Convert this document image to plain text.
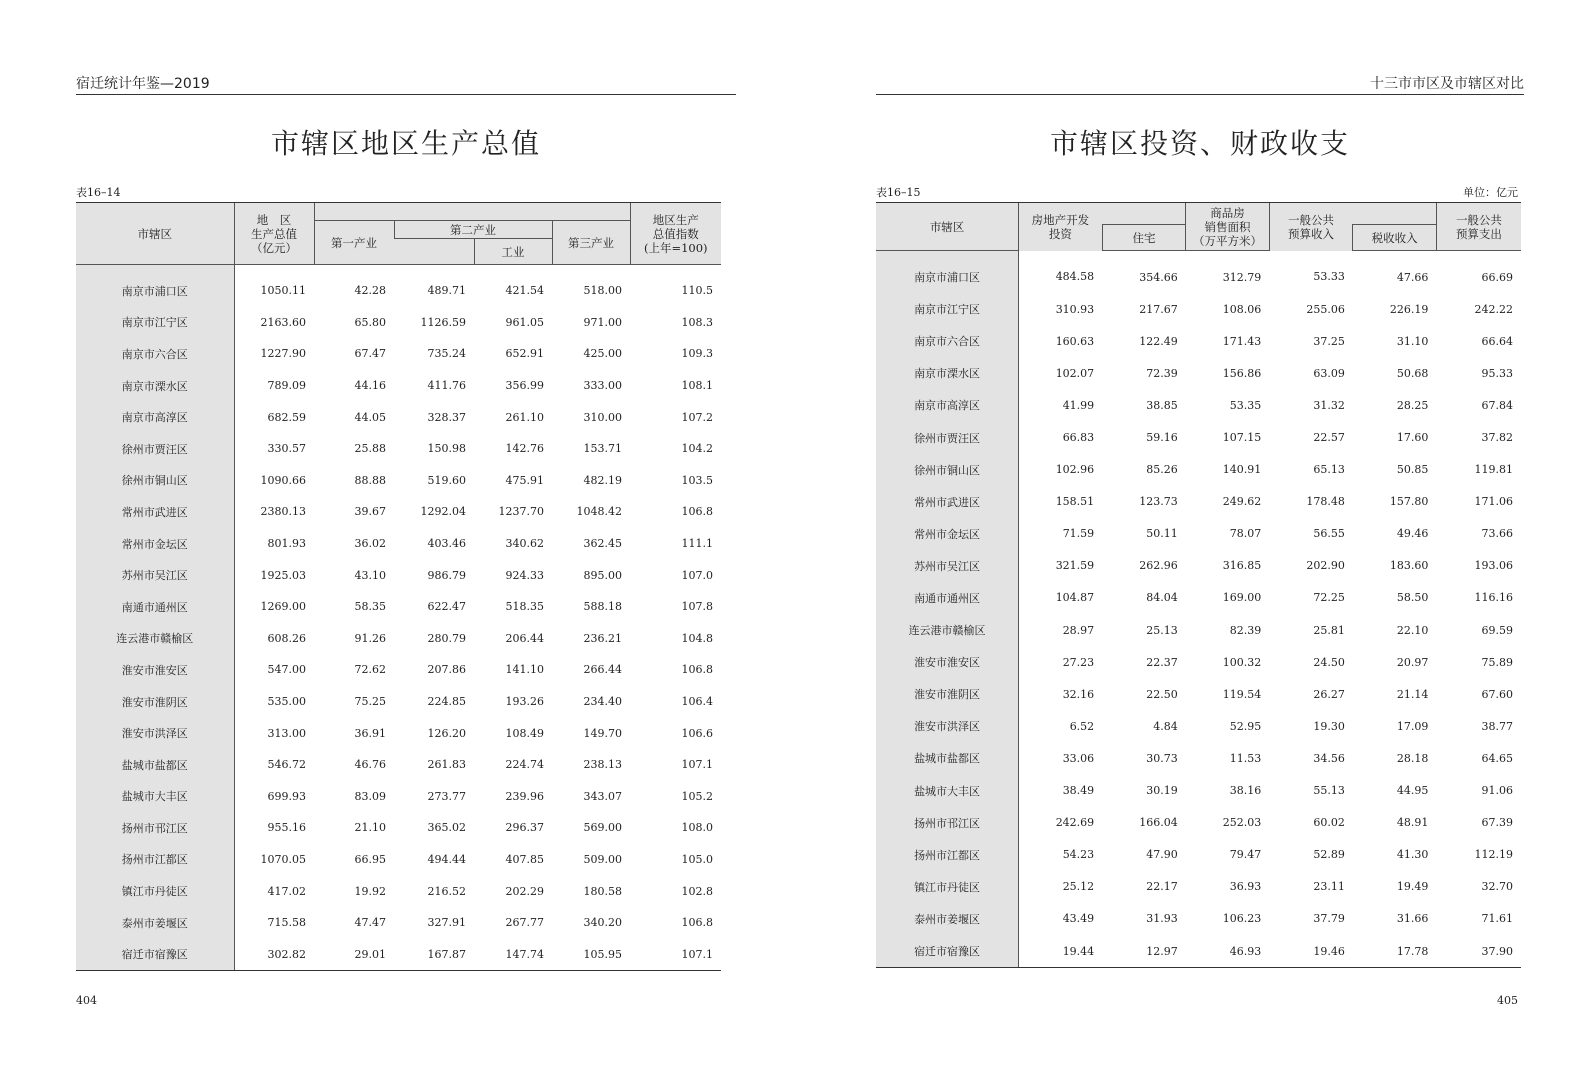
宿迁统计年鉴—2019
市辖区地区生产总值
表16–14
市辖区	地　区
生产总值
（亿元）					地区生产
总值指数
(上年=100)
		第一产业	第二产业		第三产业	
				工业		
南京市浦口区	1050.11	42.28	489.71	421.54	518.00	110.5
南京市江宁区	2163.60	65.80	1126.59	961.05	971.00	108.3
南京市六合区	1227.90	67.47	735.24	652.91	425.00	109.3
南京市溧水区	789.09	44.16	411.76	356.99	333.00	108.1
南京市高淳区	682.59	44.05	328.37	261.10	310.00	107.2
徐州市贾汪区	330.57	25.88	150.98	142.76	153.71	104.2
徐州市铜山区	1090.66	88.88	519.60	475.91	482.19	103.5
常州市武进区	2380.13	39.67	1292.04	1237.70	1048.42	106.8
常州市金坛区	801.93	36.02	403.46	340.62	362.45	111.1
苏州市吴江区	1925.03	43.10	986.79	924.33	895.00	107.0
南通市通州区	1269.00	58.35	622.47	518.35	588.18	107.8
连云港市赣榆区	608.26	91.26	280.79	206.44	236.21	104.8
淮安市淮安区	547.00	72.62	207.86	141.10	266.44	106.8
淮安市淮阴区	535.00	75.25	224.85	193.26	234.40	106.4
淮安市洪泽区	313.00	36.91	126.20	108.49	149.70	106.6
盐城市盐都区	546.72	46.76	261.83	224.74	238.13	107.1
盐城市大丰区	699.93	83.09	273.77	239.96	343.07	105.2
扬州市邗江区	955.16	21.10	365.02	296.37	569.00	108.0
扬州市江都区	1070.05	66.95	494.44	407.85	509.00	105.0
镇江市丹徒区	417.02	19.92	216.52	202.29	180.58	102.8
泰州市姜堰区	715.58	47.47	327.91	267.77	340.20	106.8
宿迁市宿豫区	302.82	29.01	167.87	147.74	105.95	107.1
404
十三市市区及市辖区对比
市辖区投资、财政收支
表16–15	单位：亿元
市辖区	房地产开发
投资		商品房
销售面积
（万平方米）	一般公共
预算收入		一般公共
预算支出
		住宅			税收收入	
南京市浦口区	484.58	354.66	312.79	53.33	47.66	66.69
南京市江宁区	310.93	217.67	108.06	255.06	226.19	242.22
南京市六合区	160.63	122.49	171.43	37.25	31.10	66.64
南京市溧水区	102.07	72.39	156.86	63.09	50.68	95.33
南京市高淳区	41.99	38.85	53.35	31.32	28.25	67.84
徐州市贾汪区	66.83	59.16	107.15	22.57	17.60	37.82
徐州市铜山区	102.96	85.26	140.91	65.13	50.85	119.81
常州市武进区	158.51	123.73	249.62	178.48	157.80	171.06
常州市金坛区	71.59	50.11	78.07	56.55	49.46	73.66
苏州市吴江区	321.59	262.96	316.85	202.90	183.60	193.06
南通市通州区	104.87	84.04	169.00	72.25	58.50	116.16
连云港市赣榆区	28.97	25.13	82.39	25.81	22.10	69.59
淮安市淮安区	27.23	22.37	100.32	24.50	20.97	75.89
淮安市淮阴区	32.16	22.50	119.54	26.27	21.14	67.60
淮安市洪泽区	6.52	4.84	52.95	19.30	17.09	38.77
盐城市盐都区	33.06	30.73	11.53	34.56	28.18	64.65
盐城市大丰区	38.49	30.19	38.16	55.13	44.95	91.06
扬州市邗江区	242.69	166.04	252.03	60.02	48.91	67.39
扬州市江都区	54.23	47.90	79.47	52.89	41.30	112.19
镇江市丹徒区	25.12	22.17	36.93	23.11	19.49	32.70
泰州市姜堰区	43.49	31.93	106.23	37.79	31.66	71.61
宿迁市宿豫区	19.44	12.97	46.93	19.46	17.78	37.90
405
